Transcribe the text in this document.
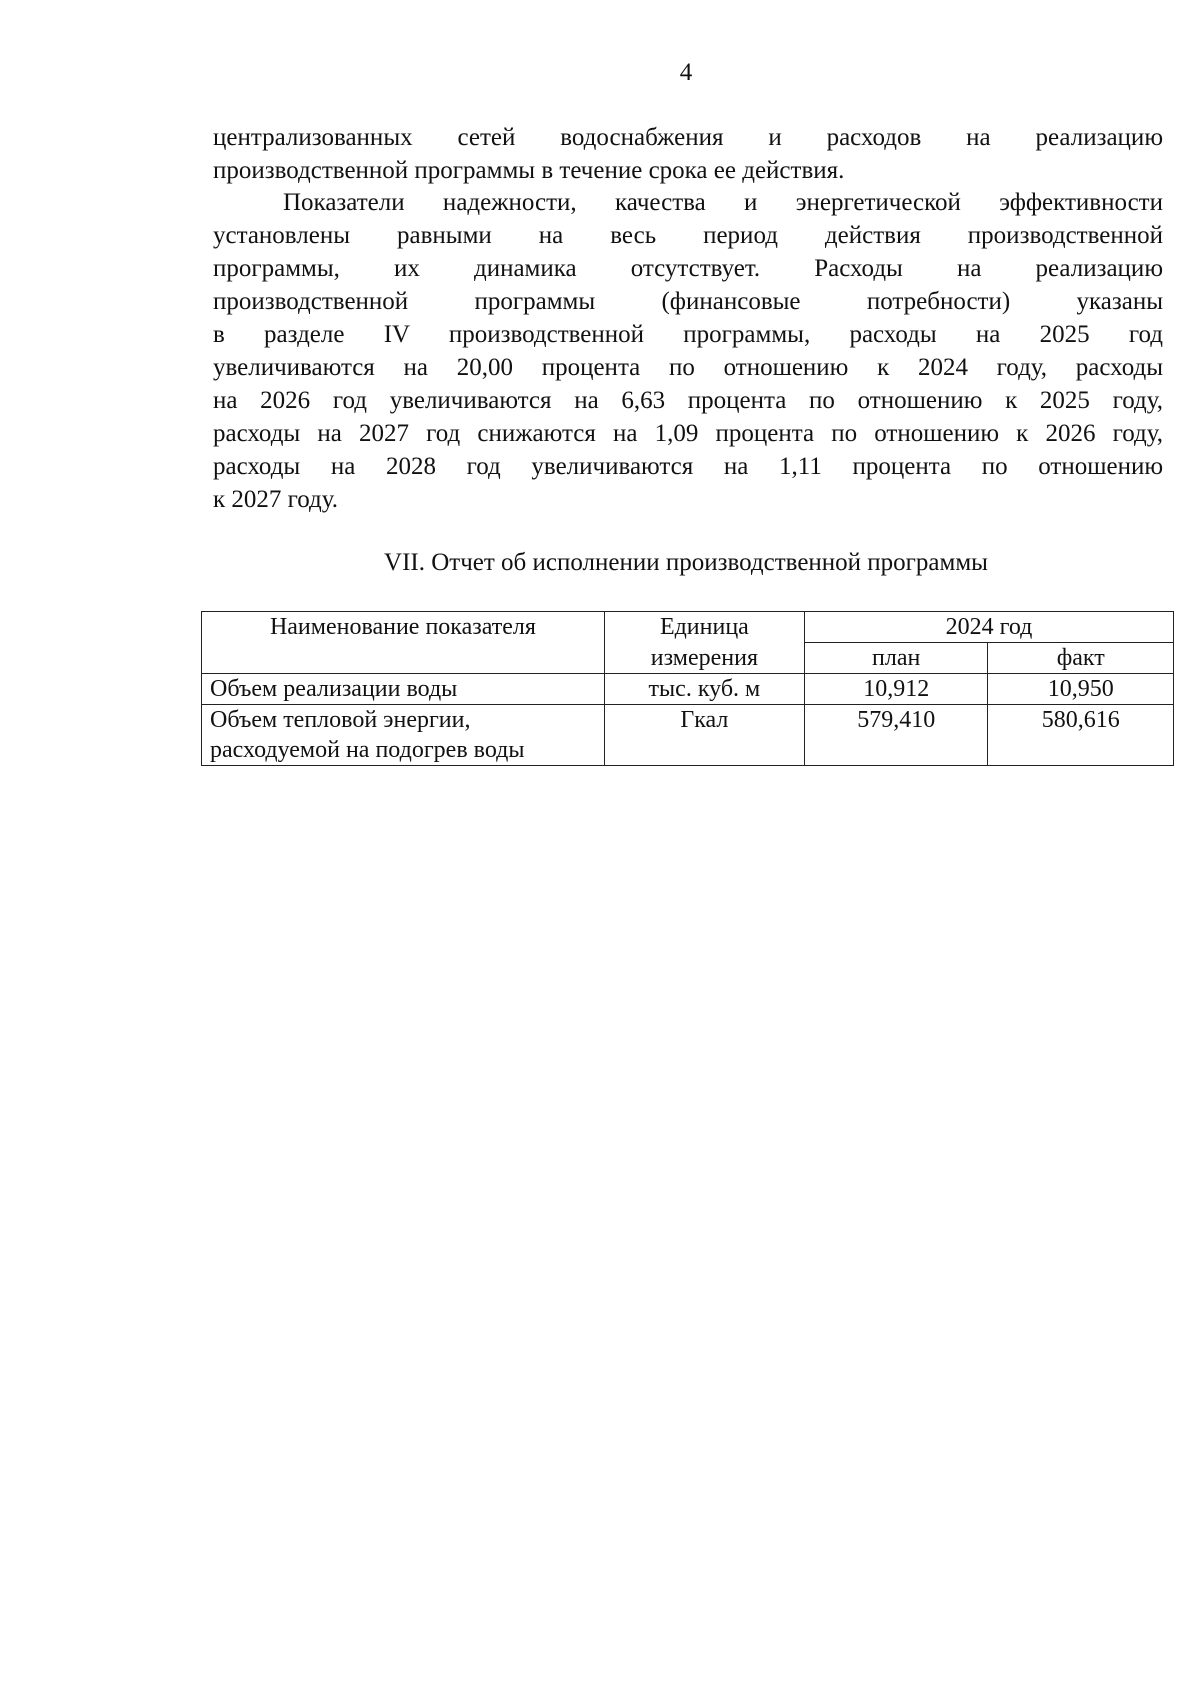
4
централизованных сетей водоснабжения и расходов на реализацию
производственной программы в течение срока ее действия.
Показатели надежности, качества и энергетической эффективности
установлены равными на весь период действия производственной
программы, их динамика отсутствует. Расходы на реализацию
производственной программы (финансовые потребности) указаны
в разделе IV производственной программы, расходы на 2025 год
увеличиваются на 20,00 процента по отношению к 2024 году, расходы
на 2026 год увеличиваются на 6,63 процента по отношению к 2025 году,
расходы на 2027 год снижаются на 1,09 процента по отношению к 2026 году,
расходы на 2028 год увеличиваются на 1,11 процента по отношению
к 2027 году.
VII. Отчет об исполнении производственной программы
Наименование показателя	Единица	2024 год	
	измерения	план	факт
Объем реализации воды	тыс. куб. м	10,912	10,950

Объем тепловой энергии,
расходуемой на подогрев воды	Гкал	579,410	580,616
